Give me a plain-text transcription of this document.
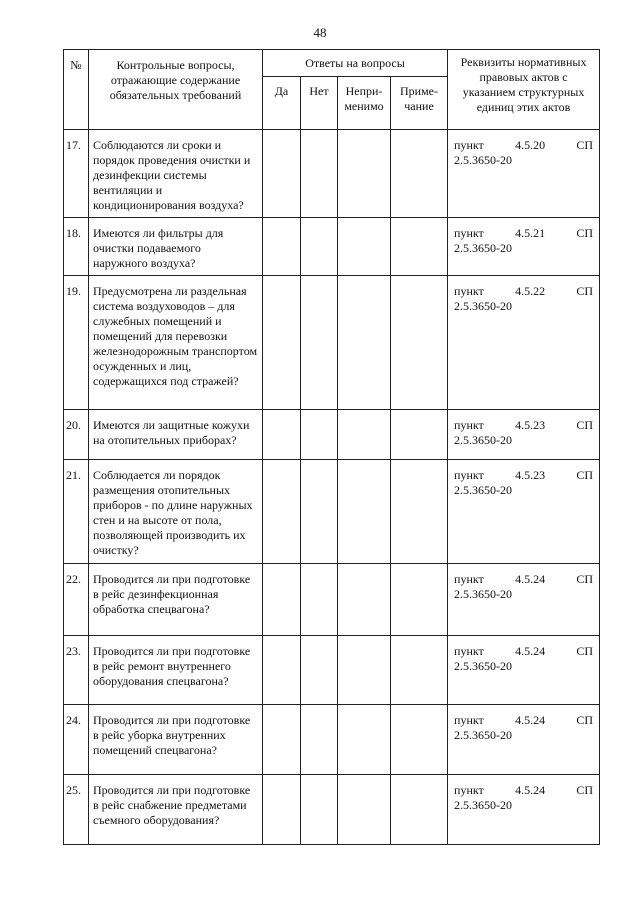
48
№	Контрольные вопросы, отражающие содержание обязательных требований	Ответы на вопросы				Реквизиты нормативных правовых актов с указанием структурных единиц этих актов
		Да	Нет	Непри-менимо	Приме-чание	
17.	Соблюдаются ли сроки и порядок проведения очистки и дезинфекции системы вентиляции и кондиционирования воздуха?					пункт 4.5.20 СП
2.5.3650-20

18.	Имеются ли фильтры для очистки подаваемого наружного воздуха?					пункт 4.5.21 СП
2.5.3650-20

19.	Предусмотрена ли раздельная система воздуховодов – для служебных помещений и помещений для перевозки железнодорожным транспортом осужденных и лиц, содержащихся под стражей?					пункт 4.5.22 СП
2.5.3650-20

20.	Имеются ли защитные кожухи на отопительных приборах?					пункт 4.5.23 СП
2.5.3650-20

21.	Соблюдается ли порядок размещения отопительных приборов - по длине наружных стен и на высоте от пола, позволяющей производить их очистку?					пункт 4.5.23 СП
2.5.3650-20

22.	Проводится ли при подготовке в рейс дезинфекционная обработка спецвагона?					пункт 4.5.24 СП
2.5.3650-20

23.	Проводится ли при подготовке в рейс ремонт внутреннего оборудования спецвагона?					пункт 4.5.24 СП
2.5.3650-20

24.	Проводится ли при подготовке в рейс уборка внутренних помещений спецвагона?					пункт 4.5.24 СП
2.5.3650-20

25.	Проводится ли при подготовке в рейс снабжение предметами съемного оборудования?					пункт 4.5.24 СП
2.5.3650-20
